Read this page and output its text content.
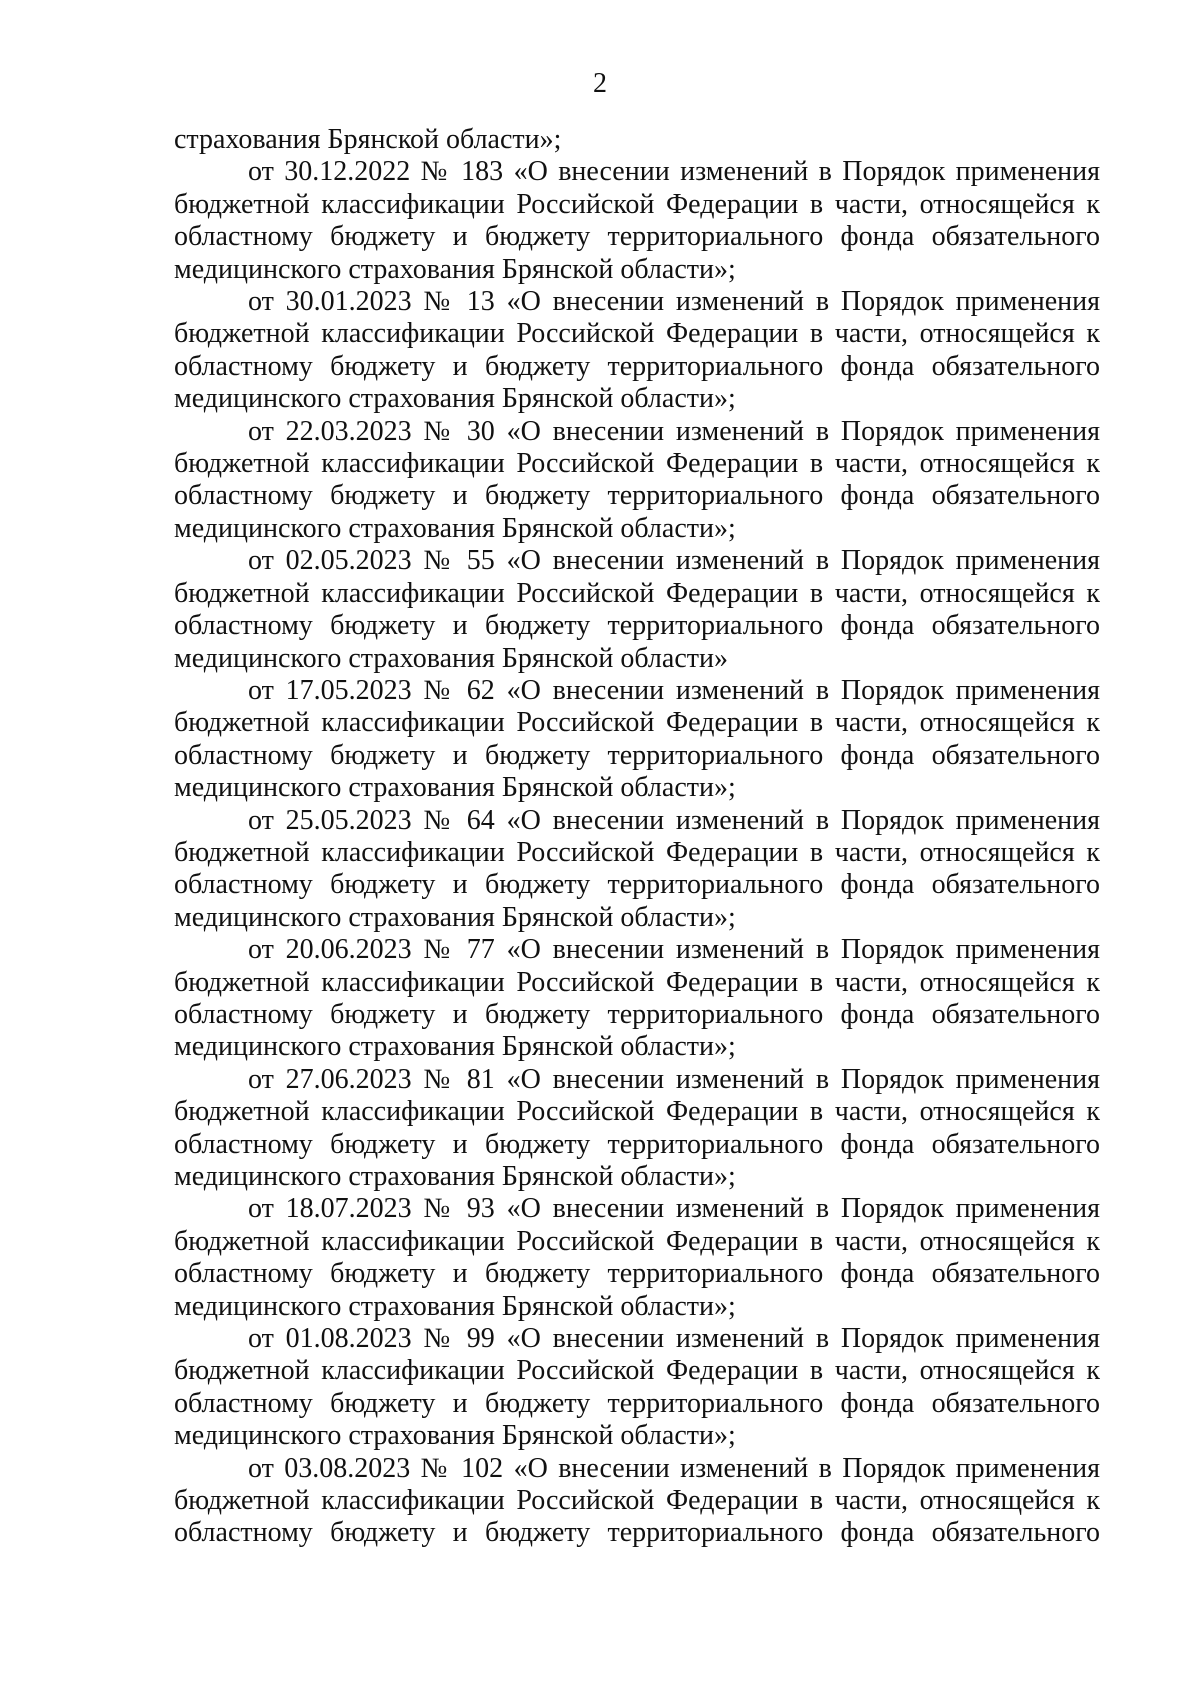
2

страхования Брянской области»;

от 30.12.2022 № 183 «О внесении изменений в Порядок применения
бюджетной классификации Российской Федерации в части, относящейся к
областному бюджету и бюджету территориального фонда обязательного
медицинского страхования Брянской области»;

от 30.01.2023 № 13 «О внесении изменений в Порядок применения
бюджетной классификации Российской Федерации в части, относящейся к
областному бюджету и бюджету территориального фонда обязательного
медицинского страхования Брянской области»;

от 22.03.2023 № 30 «О внесении изменений в Порядок применения
бюджетной классификации Российской Федерации в части, относящейся к
областному бюджету и бюджету территориального фонда обязательного
медицинского страхования Брянской области»;

от 02.05.2023 № 55 «О внесении изменений в Порядок применения
бюджетной классификации Российской Федерации в части, относящейся к
областному бюджету и бюджету территориального фонда обязательного
медицинского страхования Брянской области»

от 17.05.2023 № 62 «О внесении изменений в Порядок применения
бюджетной классификации Российской Федерации в части, относящейся к
областному бюджету и бюджету территориального фонда обязательного
медицинского страхования Брянской области»;

от 25.05.2023 № 64 «О внесении изменений в Порядок применения
бюджетной классификации Российской Федерации в части, относящейся к
областному бюджету и бюджету территориального фонда обязательного
медицинского страхования Брянской области»;

от 20.06.2023 № 77 «О внесении изменений в Порядок применения
бюджетной классификации Российской Федерации в части, относящейся к
областному бюджету и бюджету территориального фонда обязательного
медицинского страхования Брянской области»;

от 27.06.2023 № 81 «О внесении изменений в Порядок применения
бюджетной классификации Российской Федерации в части, относящейся к
областному бюджету и бюджету территориального фонда обязательного
медицинского страхования Брянской области»;

от 18.07.2023 № 93 «О внесении изменений в Порядок применения
бюджетной классификации Российской Федерации в части, относящейся к
областному бюджету и бюджету территориального фонда обязательного
медицинского страхования Брянской области»;

от 01.08.2023 № 99 «О внесении изменений в Порядок применения
бюджетной классификации Российской Федерации в части, относящейся к
областному бюджету и бюджету территориального фонда обязательного
медицинского страхования Брянской области»;

от 03.08.2023 № 102 «О внесении изменений в Порядок применения
бюджетной классификации Российской Федерации в части, относящейся к
областному бюджету и бюджету территориального фонда обязательного
